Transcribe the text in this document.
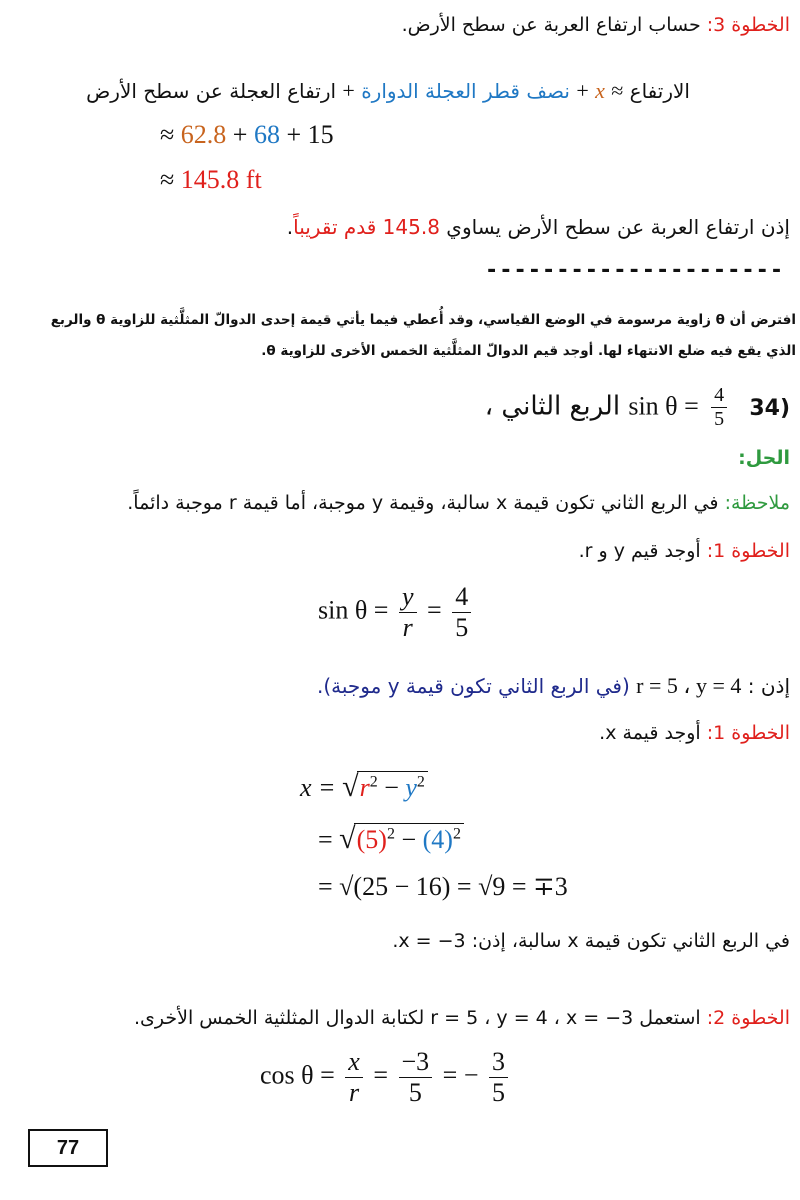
الخطوة 3: حساب ارتفاع العربة عن سطح الأرض.
الارتفاع ≈ x + نصف قطر العجلة الدوارة + ارتفاع العجلة عن سطح الأرض
≈ 62.8 + 68 + 15
≈ 145.8 ft
إذن ارتفاع العربة عن سطح الأرض يساوي 145.8 قدم تقريباً.
---------------------
افترض أن θ زاوية مرسومة في الوضع القياسي، وقد أُعطي فيما يأتي قيمة إحدى الدوالّ المثلَّثية للزاوية θ والربع
الذي يقع فيه ضلع الانتهاء لها. أوجد قيم الدوالّ المثلَّثية الخمس الأخرى للزاوية θ.
، الربع الثاني $\sin \theta = \frac{4}{5} 34$)
الحل:
ملاحظة: في الربع الثاني تكون قيمة x سالبة، وقيمة y موجبة، أما قيمة r موجبة دائماً.
الخطوة 1: أوجد قيم y و r.
$\sin \theta = \frac{y}{r} = \frac{4}{5}$
إذن : r = 5 ، y = 4 (في الربع الثاني تكون قيمة y موجبة).
الخطوة 1: أوجد قيمة x.
$x = √r^2 - y^2$
= $√(5)^2 - (4)^2$
= √(25 − 16) = √9 = ∓3
في الربع الثاني تكون قيمة x سالبة، إذن: x = −3.
الخطوة 2: استعمل r = 5 ، y = 4 ، x = −3 لكتابة الدوال المثلثية الخمس الأخرى.
$\cos \theta = \frac{x}{r} = \frac{-3}{5}$ = − $\frac{3}{5}$
77
